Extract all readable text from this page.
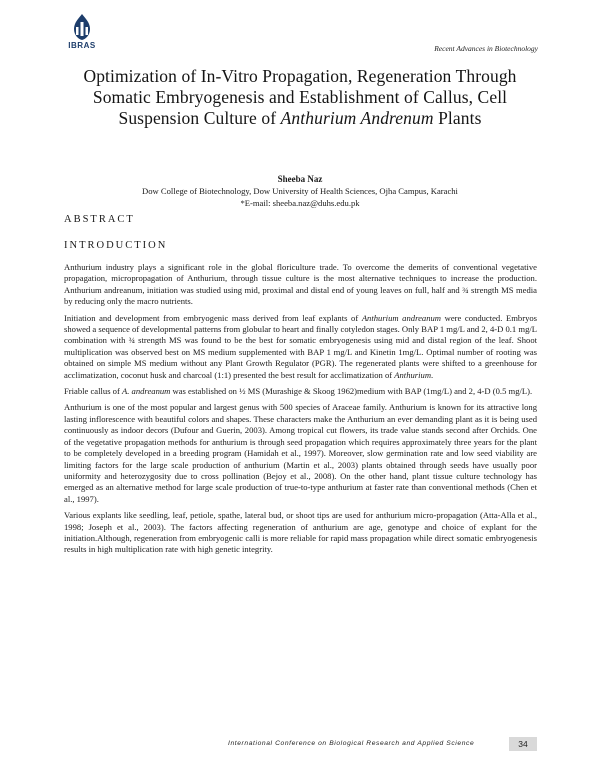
IBRAS	Recent Advances in Biotechnology
Optimization of In-Vitro Propagation, Regeneration Through Somatic Embryogenesis and Establishment of Callus, Cell Suspension Culture of Anthurium Andrenum Plants
Sheeba Naz
Dow College of Biotechnology, Dow University of Health Sciences, Ojha Campus, Karachi
*E-mail: sheeba.naz@duhs.edu.pk
ABSTRACT
INTRODUCTION

Anthurium industry plays a significant role in the global floriculture trade. To overcome the demerits of conventional vegetative propagation, micropropagation of Anthurium, through tissue culture is the most alternative techniques to increase the production. Anthurium andreanum, initiation was studied using mid, proximal and distal end of young leaves on full, half and ¾ strength MS media by reducing only the macro nutrients.

Initiation and development from embryogenic mass derived from leaf explants of Anthurium andreanum were conducted. Embryos showed a sequence of developmental patterns from globular to heart and finally cotyledon stages. Only BAP 1 mg/L and 2, 4-D 0.1 mg/L combination with ¾ strength MS was found to be the best for somatic embryogenesis using mid and distal region of the leaf. Shoot multiplication was observed best on MS medium supplemented with BAP 1 mg/L and Kinetin 1mg/L. Optimal number of rooting was obtained on simple MS medium without any Plant Growth Regulator (PGR). The regenerated plants were shifted to a greenhouse for acclimatization, coconut husk and charcoal (1:1) presented the best result for acclimatization of Anthurium.

Friable callus of A. andreanum was established on ½ MS (Murashige & Skoog 1962)medium with BAP (1mg/L) and 2, 4-D (0.5 mg/L).

Anthurium is one of the most popular and largest genus with 500 species of Araceae family. Anthurium is known for its attractive long lasting inflorescence with beautiful colors and shapes. These characters make the Anthurium an ever demanding plant as it is being used continuously as indoor decors (Dufour and Guerin, 2003). Among tropical cut flowers, its trade value stands second after Orchids. One of the vegetative propagation methods for anthurium is through seed propagation which requires approximately three years for the plant to be completely developed in a breeding program (Hamidah et al., 1997). Moreover, slow germination rate and low seed viability are limiting factors for the large scale production of anthurium (Martin et al., 2003) plants obtained through seeds have usually poor uniformity and heterozygosity due to cross pollination (Bejoy et al., 2008). On the other hand, plant tissue culture technology has emerged as an alternative method for large scale production of true-to-type anthurium at faster rate than conventional methods (Chen et al., 1997).

Various explants like seedling, leaf, petiole, spathe, lateral bud, or shoot tips are used for anthurium micro-propagation (Atta-Alla et al., 1998; Joseph et al., 2003). The factors affecting regeneration of anthurium are age, genotype and choice of explant for the initiation.Although, regeneration from embryogenic calli is more reliable for rapid mass propagation while direct somatic embryogenesis results in high multiplication rate with high genetic integrity.

International Conference on Biological Research and Applied Science	34
